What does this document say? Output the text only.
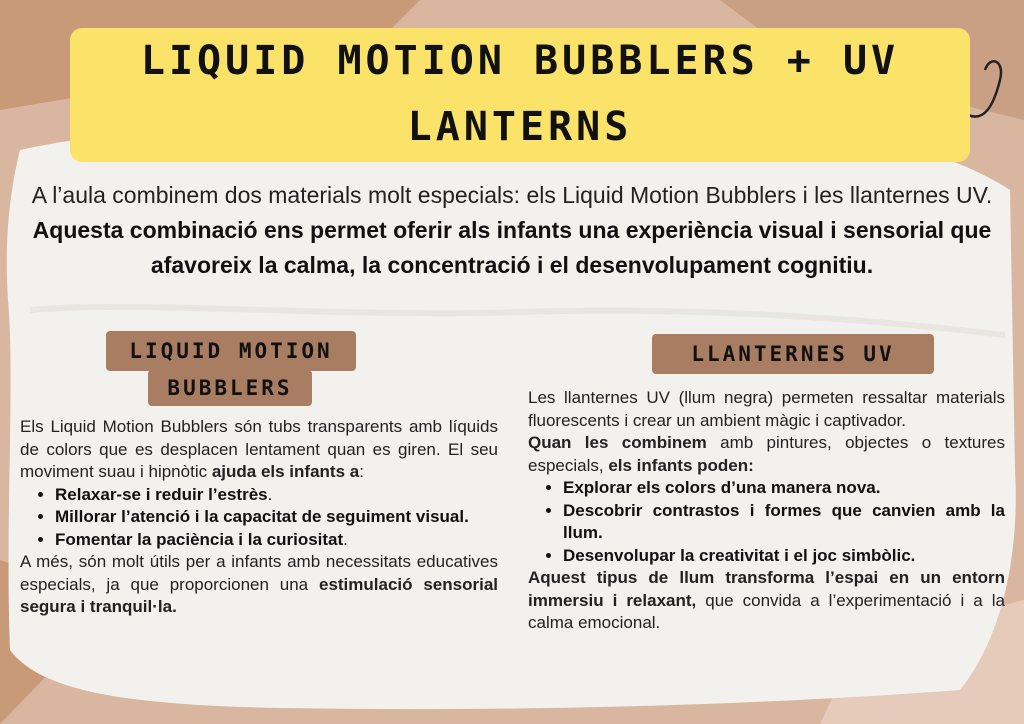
LIQUID MOTION BUBBLERS + UV
LANTERNS

A l’aula combinem dos materials molt especials: els Liquid Motion Bubblers i les llanternes UV. Aquesta combinació ens permet oferir als infants una experiència visual i sensorial que afavoreix la calma, la concentració i el desenvolupament cognitiu.

LIQUID MOTION
BUBBLERS
LLANTERNES UV

Els Liquid Motion Bubblers són tubs transparents amb líquids de colors que es desplacen lentament quan es giren. El seu moviment suau i hipnòtic ajuda els infants a:

• Relaxar-se i reduir l’estrès.
• Millorar l’atenció i la capacitat de seguiment visual.
• Fomentar la paciència i la curiositat.

A més, són molt útils per a infants amb necessitats educatives especials, ja que proporcionen una estimulació sensorial segura i tranquil·la.

Les llanternes UV (llum negra) permeten ressaltar materials fluorescents i crear un ambient màgic i captivador.

Quan les combinem amb pintures, objectes o textures especials, els infants poden:

• Explorar els colors d’una manera nova.
• Descobrir contrastos i formes que canvien amb la llum.
• Desenvolupar la creativitat i el joc simbòlic.

Aquest tipus de llum transforma l’espai en un entorn immersiu i relaxant, que convida a l’experimentació i a la calma emocional.
